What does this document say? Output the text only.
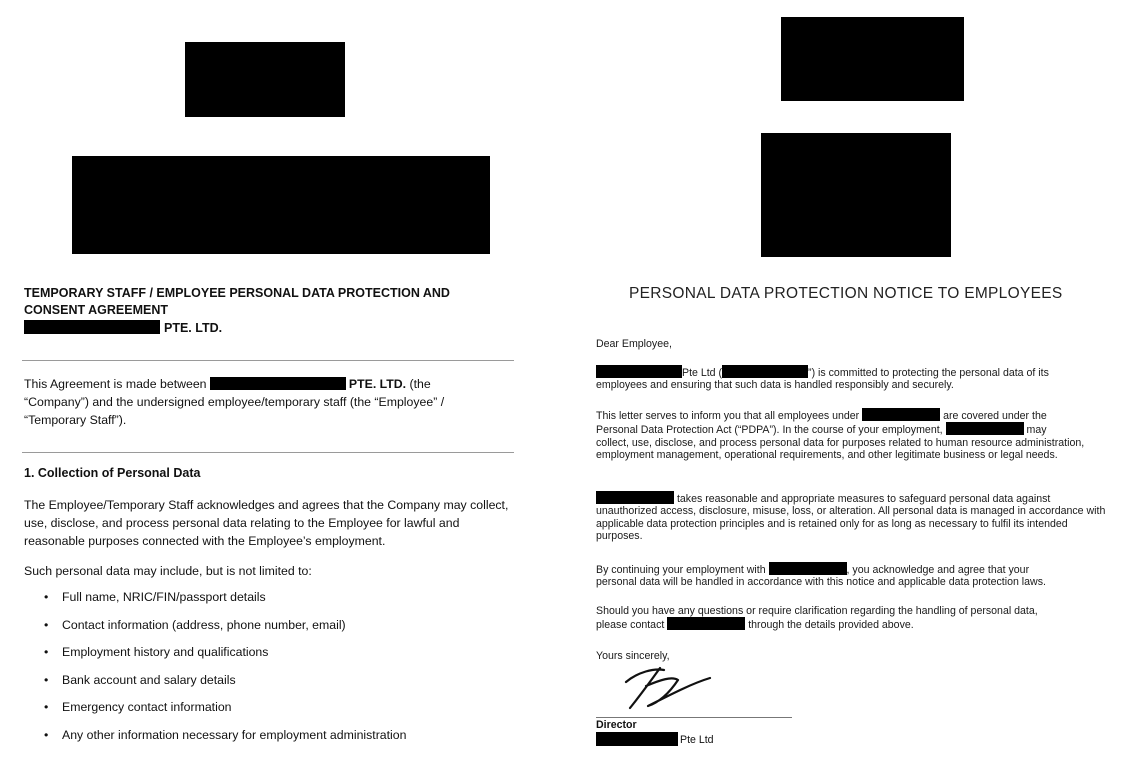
TEMPORARY STAFF / EMPLOYEE PERSONAL DATA PROTECTION AND CONSENT AGREEMENT
PTE. LTD.
This Agreement is made between	PTE. LTD. (the
“Company”) and the undersigned employee/temporary staff (the “Employee” /
“Temporary Staff”).
1. Collection of Personal Data
The Employee/Temporary Staff acknowledges and agrees that the Company may collect, use, disclose, and process personal data relating to the Employee for lawful and reasonable purposes connected with the Employee’s employment.
Such personal data may include, but is not limited to:
• Full name, NRIC/FIN/passport details
• Contact information (address, phone number, email)
• Employment history and qualifications
• Bank account and salary details
• Emergency contact information
• Any other information necessary for employment administration
PERSONAL DATA PROTECTION NOTICE TO EMPLOYEES
Dear Employee,
Pte Ltd (	”) is committed to protecting the personal data of its
employees and ensuring that such data is handled responsibly and securely.
This letter serves to inform you that all employees under	are covered under the
Personal Data Protection Act (“PDPA”). In the course of your employment,	may
collect, use, disclose, and process personal data for purposes related to human resource administration, employment management, operational requirements, and other legitimate business or legal needs.
takes reasonable and appropriate measures to safeguard personal data against
unauthorized access, disclosure, misuse, loss, or alteration. All personal data is managed in accordance with applicable data protection principles and is retained only for as long as necessary to fulfil its intended purposes.
By continuing your employment with	, you acknowledge and agree that your
personal data will be handled in accordance with this notice and applicable data protection laws.
Should you have any questions or require clarification regarding the handling of personal data,
please contact	through the details provided above.
Yours sincerely,
Director
Pte Ltd
